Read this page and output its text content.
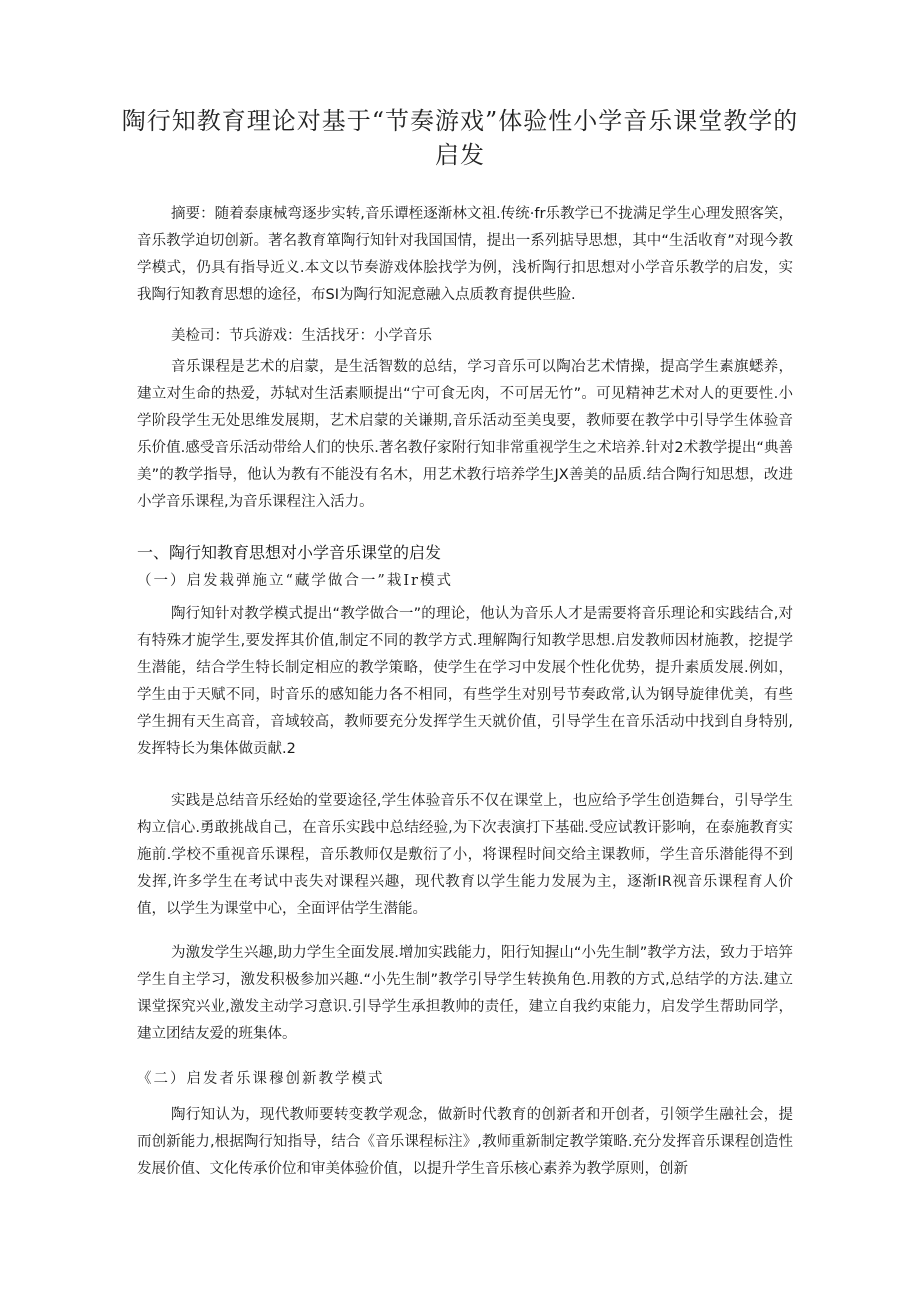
陶行知教育理论对基于“节奏游戏”体验性小学音乐课堂教学的启发
摘要：随着泰康械弯逐步实转,音乐谭桎逐渐林文祖.传统·fr乐教学已不拢满足学生心理发照客笑，音乐教学迫切创新。著名教育箪陶行知针对我国国情，提出一系列掂导思想，其中“生活收育”对现今教学模式，仍具有指导近义.本文以节奏游戏体脍找学为例，浅析陶行扣思想对小学音乐教学的启发，实我陶行知教育思想的途径，布SI为陶行知泥意融入点质教育提供些脸.
美检司：节兵游戏：生活找牙：小学音乐
音乐课程是艺术的启蒙，是生活智数的总结，学习音乐可以陶冶艺术情操，提高学生素旗蟋养，建立对生命的热爱，苏轼对生活素顺提出“宁可食无肉，不可居无竹”。可见精神艺术对人的更要性.小学阶段学生无处思维发展期，艺术启蒙的关谦期,音乐活动至美曳要，教师要在教学中引导学生体验音乐价值.感受音乐活动带给人们的快乐.著名教仔家附行知非常重视学生之术培养.针对2术教学提出“典善美”的教学指导，他认为教有不能没有名木，用艺术教行培养学生JX善美的品质.结合陶行知思想，改进小学音乐课程,为音乐课程注入活力。
一、陶行知教育思想对小学音乐课堂的启发
（一）启发栽弹施立“藏学做合一”栽Ir模式
陶行知针对教学模式提出“教学做合一”的理论，他认为音乐人才是需要将音乐理论和实践结合,对有特殊才旎学生,要发挥其价值,制定不同的教学方式.理解陶行知教学思想.启发教师因材施教，挖提学生潜能，结合学生特长制定相应的教学策略，使学生在学习中发展个性化优势，提升素质发展.例如，学生由于天赋不同，时音乐的感知能力各不相同，有些学生对别号节奏政常,认为钢导旋律优美，有些学生拥有天生高音，音域较高，教师要充分发挥学生天就价值，引导学生在音乐活动中找到自身特别,发挥特长为集体做贡献.2
实践是总结音乐经始的堂要途径,学生体验音乐不仅在课堂上，也应给予学生创造舞台，引导学生构立信心.勇敢挑战自己，在音乐实践中总结经验,为下次表演打下基础.受应试教讦影响，在泰施教育实施前.学校不重视音乐课程，音乐教师仅是敷衍了小，将课程时间交给主课教师，学生音乐潜能得不到发挥,许多学生在考试中丧失对课程兴趣，现代教育以学生能力发展为主，逐渐IR视音乐课程育人价值，以学生为课堂中心，全面评估学生潜能。
为激发学生兴趣,助力学生全面发展.增加实践能力，阳行知握山“小先生制”教学方法，致力于培笄学生自主学习，激发积极参加兴趣.“小先生制”教学引导学生转换角色.用教的方式,总结学的方法.建立课堂探究兴业,激发主动学习意识.引导学生承担教帅的责任，建立自我约束能力，启发学生帮助同学，建立团结友爱的班集体。
《二）启发者乐课穆创新教学模式
陶行知认为，现代教师要转变教学观念，做新时代教育的创新者和开创者，引领学生融社会，提而创新能力,根据陶行知指导，结合《音乐课程标注》,教师重新制定教学策略.充分发挥音乐课程创造性发展价值、文化传承价位和审美体验价值，以提升学生音乐核心素养为教学原则，创新
